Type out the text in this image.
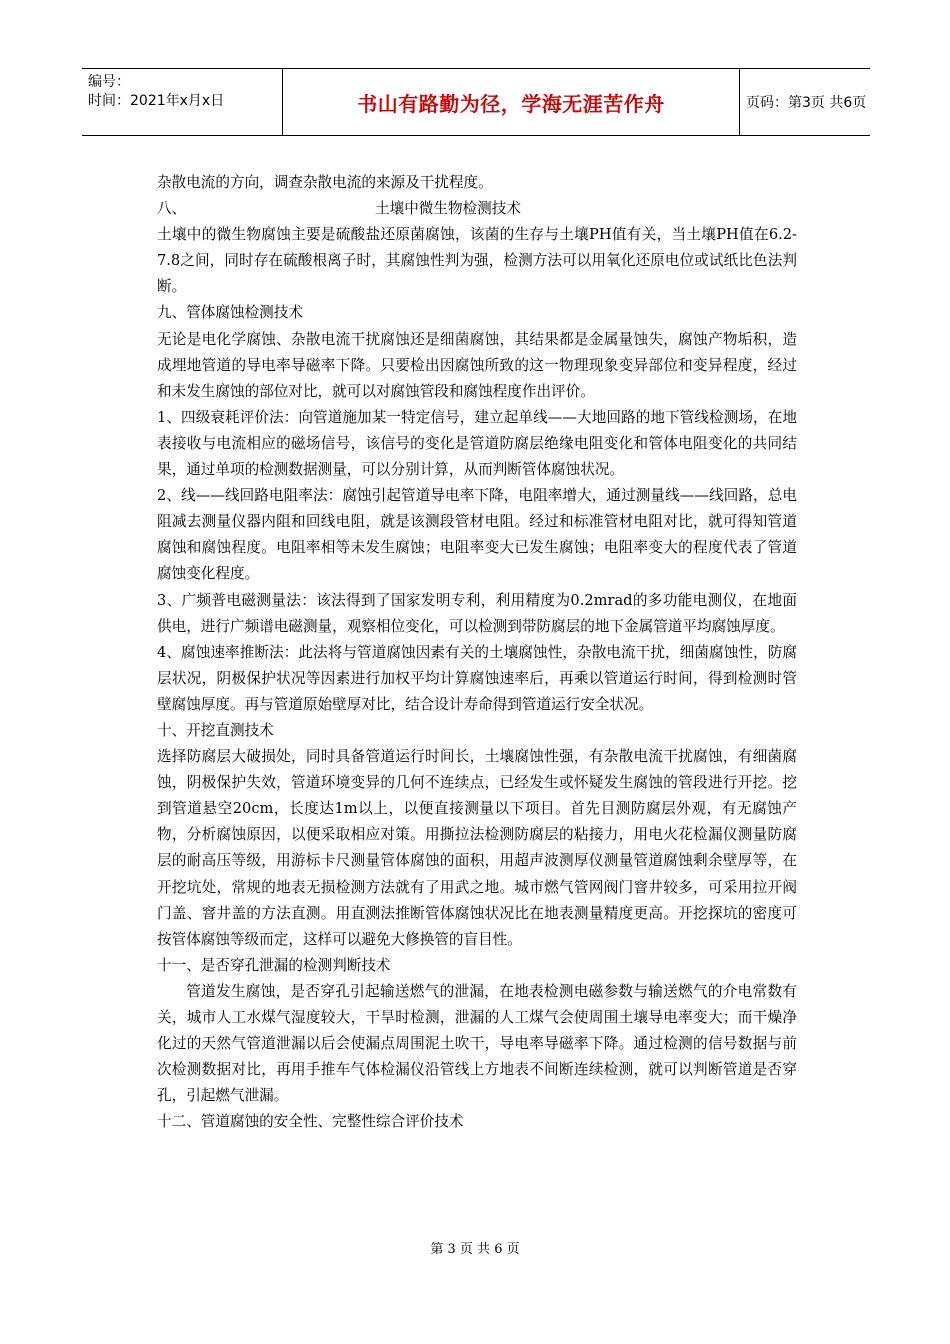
编号：
时间：2021年x月x日	书山有路勤为径，学海无涯苦作舟	页码：第3页 共6页

杂散电流的方向，调查杂散电流的来源及干扰程度。

八、	土壤中微生物检测技术

土壤中的微生物腐蚀主要是硫酸盐还原菌腐蚀，该菌的生存与土壤PH值有关，当土壤PH值在6.2-7.8之间，同时存在硫酸根离子时，其腐蚀性判为强，检测方法可以用氧化还原电位或试纸比色法判断。

九、管体腐蚀检测技术

无论是电化学腐蚀、杂散电流干扰腐蚀还是细菌腐蚀，其结果都是金属量蚀失，腐蚀产物垢积，造成埋地管道的导电率导磁率下降。只要检出因腐蚀所致的这一物理现象变异部位和变异程度，经过和未发生腐蚀的部位对比，就可以对腐蚀管段和腐蚀程度作出评价。

1、四级衰耗评价法：向管道施加某一特定信号，建立起单线——大地回路的地下管线检测场，在地表接收与电流相应的磁场信号，该信号的变化是管道防腐层绝缘电阻变化和管体电阻变化的共同结果，通过单项的检测数据测量，可以分别计算，从而判断管体腐蚀状况。

2、线——线回路电阻率法：腐蚀引起管道导电率下降，电阻率增大，通过测量线——线回路，总电阻减去测量仪器内阻和回线电阻，就是该测段管材电阻。经过和标准管材电阻对比，就可得知管道腐蚀和腐蚀程度。电阻率相等未发生腐蚀；电阻率变大已发生腐蚀；电阻率变大的程度代表了管道腐蚀变化程度。

3、广频普电磁测量法：该法得到了国家发明专利，利用精度为0.2mrad的多功能电测仪，在地面供电，进行广频谱电磁测量，观察相位变化，可以检测到带防腐层的地下金属管道平均腐蚀厚度。

4、腐蚀速率推断法：此法将与管道腐蚀因素有关的土壤腐蚀性，杂散电流干扰，细菌腐蚀性，防腐层状况，阴极保护状况等因素进行加权平均计算腐蚀速率后，再乘以管道运行时间，得到检测时管壁腐蚀厚度。再与管道原始壁厚对比，结合设计寿命得到管道运行安全状况。

十、开挖直测技术

选择防腐层大破损处，同时具备管道运行时间长，土壤腐蚀性强，有杂散电流干扰腐蚀，有细菌腐蚀，阴极保护失效，管道环境变异的几何不连续点，已经发生或怀疑发生腐蚀的管段进行开挖。挖到管道悬空20cm，长度达1m以上，以便直接测量以下项目。首先目测防腐层外观，有无腐蚀产物，分析腐蚀原因，以便采取相应对策。用撕拉法检测防腐层的粘接力，用电火花检漏仪测量防腐层的耐高压等级，用游标卡尺测量管体腐蚀的面积，用超声波测厚仪测量管道腐蚀剩余壁厚等，在开挖坑处，常规的地表无损检测方法就有了用武之地。城市燃气管网阀门窨井较多，可采用拉开阀门盖、窨井盖的方法直测。用直测法推断管体腐蚀状况比在地表测量精度更高。开挖探坑的密度可按管体腐蚀等级而定，这样可以避免大修换管的盲目性。

十一、是否穿孔泄漏的检测判断技术

管道发生腐蚀，是否穿孔引起输送燃气的泄漏，在地表检测电磁参数与输送燃气的介电常数有关，城市人工水煤气湿度较大，干旱时检测，泄漏的人工煤气会使周围土壤导电率变大；而干燥净化过的天然气管道泄漏以后会使漏点周围泥土吹干，导电率导磁率下降。通过检测的信号数据与前次检测数据对比，再用手推车气体检漏仪沿管线上方地表不间断连续检测，就可以判断管道是否穿孔，引起燃气泄漏。

十二、管道腐蚀的安全性、完整性综合评价技术

第 3 页 共 6 页
